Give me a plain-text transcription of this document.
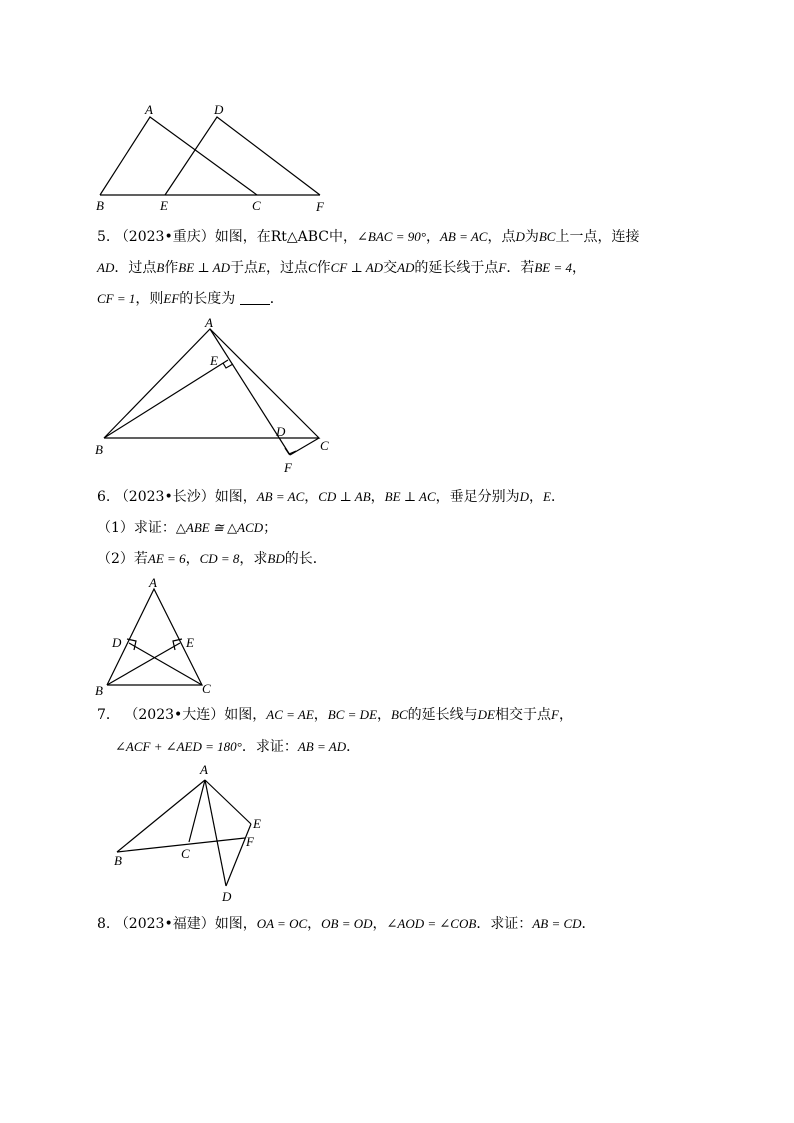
A	D
B	E	C	F
5. （2023•重庆）如图，在Rt△ABC中，∠BAC = 90°，AB = AC，点D为BC上一点，连接
AD．过点B作BE ⊥ AD于点E，过点C作CF ⊥ AD交AD的延长线于点F．若BE = 4，
CF = 1，则EF的长度为 ．
A
E
B
D
C
F
6. （2023•长沙）如图，AB = AC，CD ⊥ AB，BE ⊥ AC，垂足分别为D，E．
（1）求证：△ABE ≅ △ACD；
（2）若AE = 6，CD = 8，求BD的长．
A
D	E
B	C
7． （2023•大连）如图，AC = AE，BC = DE，BC的延长线与DE相交于点F，
∠ACF + ∠AED = 180°．求证：AB = AD．
A
E
F
B	C
D
8. （2023•福建）如图，OA = OC，OB = OD，∠AOD = ∠COB．求证：AB = CD．
